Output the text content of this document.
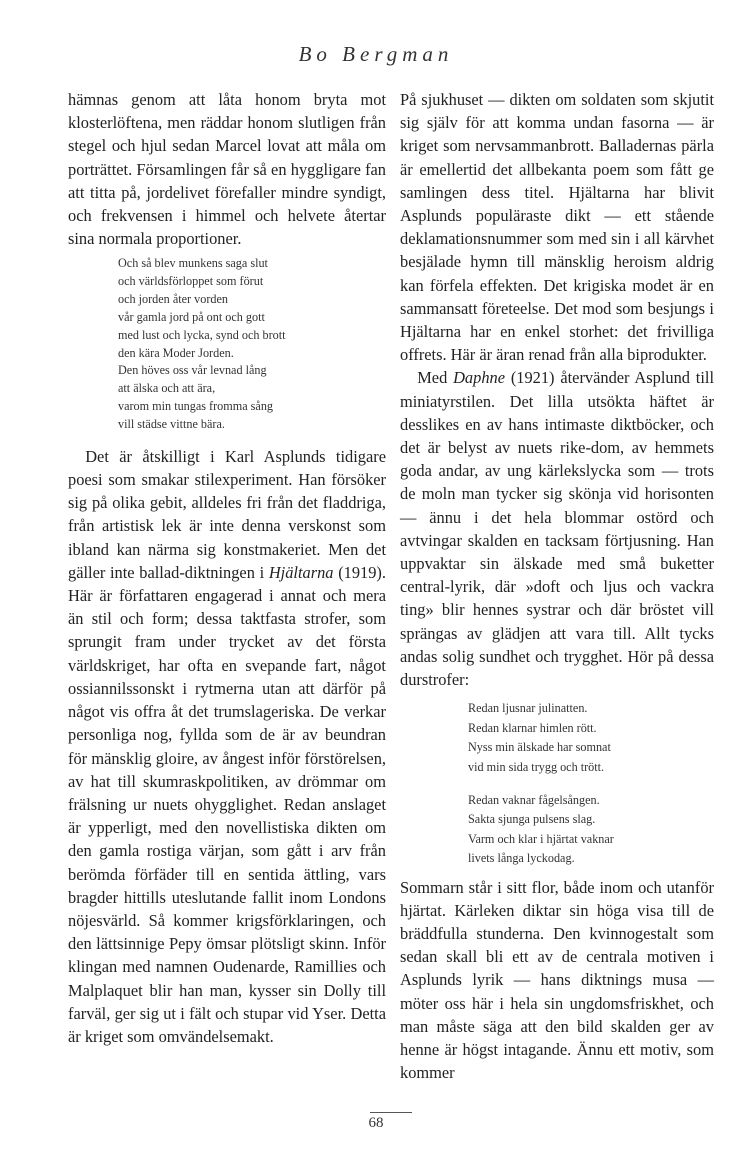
Bo Bergman

hämnas genom att låta honom bryta mot klosterlöftena, men räddar honom slutligen från stegel och hjul sedan Marcel lovat att måla om porträttet. Församlingen får så en hyggligare fan att titta på, jordelivet förefaller mindre syndigt, och frekvensen i himmel och helvete återtar sina normala proportioner.

Och så blev munkens saga slut
och världsförloppet som förut
och jorden åter vorden
vår gamla jord på ont och gott
med lust och lycka, synd och brott
den kära Moder Jorden.
Den höves oss vår levnad lång
att älska och att ära,
varom min tungas fromma sång
vill städse vittne bära.

Det är åtskilligt i Karl Asplunds tidigare poesi som smakar stilexperiment. Han försöker sig på olika gebit, alldeles fri från det fladdriga, från artistisk lek är inte denna verskonst som ibland kan närma sig konstmakeriet. Men det gäller inte ballad-diktningen i Hjältarna (1919). Här är författaren engagerad i annat och mera än stil och form; dessa taktfasta strofer, som sprungit fram under trycket av det första världskriget, har ofta en svepande fart, något ossiannilssonskt i rytmerna utan att därför på något vis offra åt det trumslageriska. De verkar personliga nog, fyllda som de är av beundran för mänsklig gloire, av ångest inför förstörelsen, av hat till skumraskpolitiken, av drömmar om frälsning ur nuets ohygglighet. Redan anslaget är ypperligt, med den novellistiska dikten om den gamla rostiga värjan, som gått i arv från berömda förfäder till en sentida ättling, vars bragder hittills uteslutande fallit inom Londons nöjesvärld. Så kommer krigsförklaringen, och den lättsinnige Pepy ömsar plötsligt skinn. Inför klingan med namnen Oudenarde, Ramillies och Malplaquet blir han man, kysser sin Dolly till farväl, ger sig ut i fält och stupar vid Yser. Detta är kriget som omvändelsemakt.

På sjukhuset — dikten om soldaten som skjutit sig själv för att komma undan fasorna — är kriget som nervsammanbrott. Balladernas pärla är emellertid det allbekanta poem som fått ge samlingen dess titel. Hjältarna har blivit Asplunds populäraste dikt — ett stående deklamationsnummer som med sin i all kärvhet besjälade hymn till mänsklig heroism aldrig kan förfela effekten. Det krigiska modet är en sammansatt företeelse. Det mod som besjungs i Hjältarna har en enkel storhet: det frivilliga offrets. Här är äran renad från alla biprodukter.

Med Daphne (1921) återvänder Asplund till miniatyrstilen. Det lilla utsökta häftet är desslikes en av hans intimaste diktböcker, och det är belyst av nuets rike-dom, av hemmets goda andar, av ung kärlekslycka som — trots de moln man tycker sig skönja vid horisonten — ännu i det hela blommar ostörd och avtvingar skalden en tacksam förtjusning. Han uppvaktar sin älskade med små buketter central-lyrik, där »doft och ljus och vackra ting» blir hennes systrar och där bröstet vill sprängas av glädjen att vara till. Allt tycks andas solig sundhet och trygghet. Hör på dessa durstrofer:

Redan ljusnar julinatten.
Redan klarnar himlen rött.
Nyss min älskade har somnat
vid min sida trygg och trött.
Redan vaknar fågelsången.
Sakta sjunga pulsens slag.
Varm och klar i hjärtat vaknar
livets långa lyckodag.

Sommarn står i sitt flor, både inom och utanför hjärtat. Kärleken diktar sin höga visa till de bräddfulla stunderna. Den kvinnogestalt som sedan skall bli ett av de centrala motiven i Asplunds lyrik — hans diktnings musa — möter oss här i hela sin ungdomsfriskhet, och man måste säga att den bild skalden ger av henne är högst intagande. Ännu ett motiv, som kommer

68
